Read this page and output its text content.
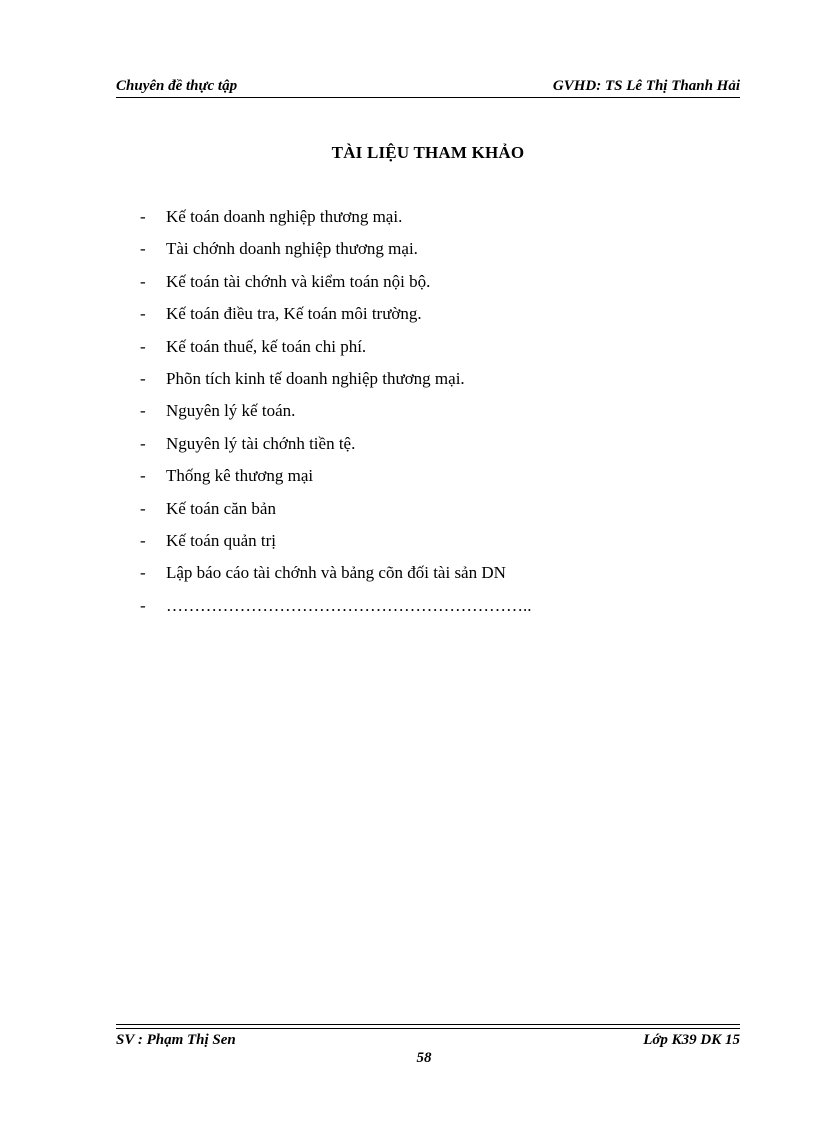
Chuyên đề thực tập	GVHD: TS Lê Thị Thanh Hải
TÀI LIỆU THAM KHẢO
-	Kế toán doanh nghiệp thương mại.
-	Tài chớnh doanh nghiệp thương mại.
-	Kế toán tài chớnh và kiểm toán nội bộ.
-	Kế toán điều tra, Kế toán môi trường.
-	Kế toán thuế, kế toán chi phí.
-	Phõn tích kinh tế doanh nghiệp thương mại.
-	Nguyên lý kế toán.
-	Nguyên lý tài chớnh tiền tệ.
-	Thống kê thương mại
-	Kế toán căn bản
-	Kế toán quản trị
-	Lập báo cáo tài chớnh và bảng cõn đối tài sản DN
-	………………………………………………………..
SV : Phạm Thị Sen	Lớp K39 DK 15
58
